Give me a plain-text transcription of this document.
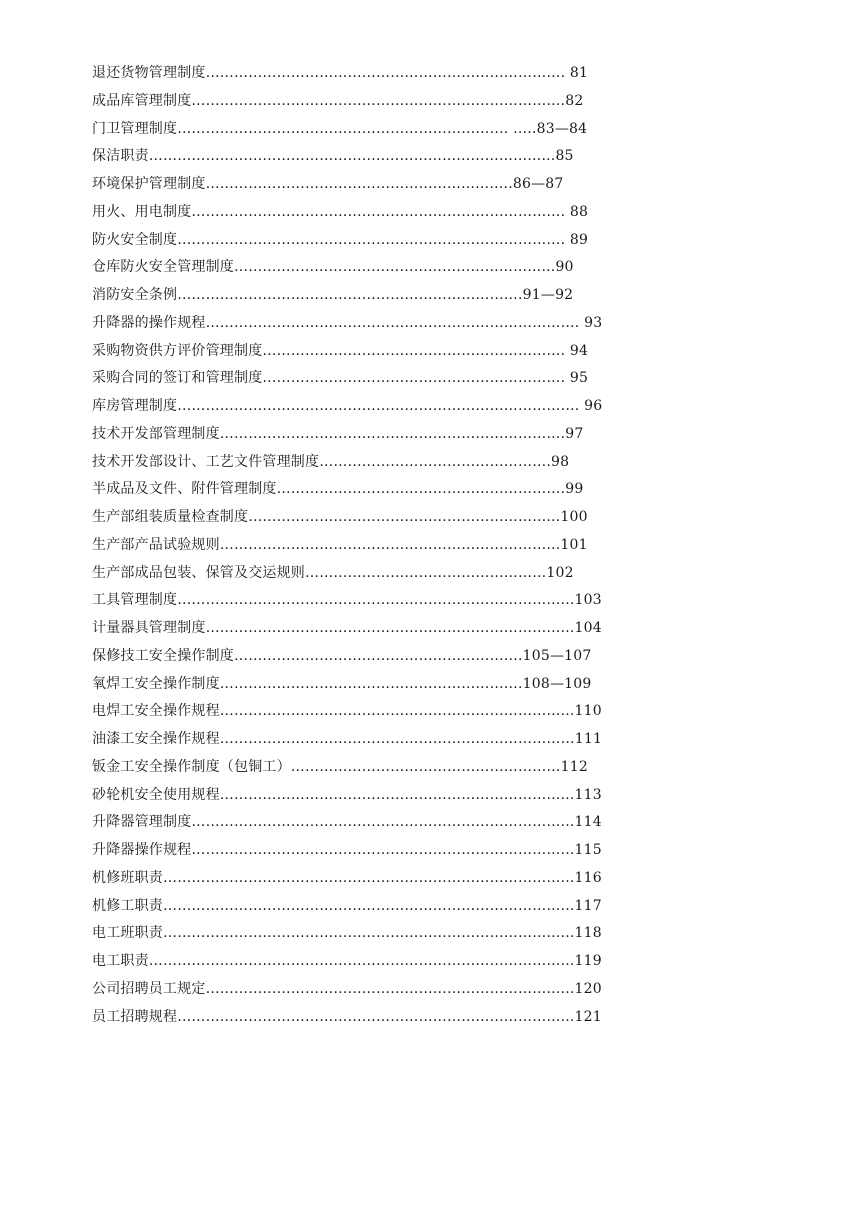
退还货物管理制度…………………………………………………………………. 81
成品库管理制度…………………………………………………………………….82
门卫管理制度……………………………………………………………. …..83—84
保洁职责…………………………………………..……………………………...85
环境保护管理制度……………………………………………...………..86—87
用火、用电制度……………………………………………………………………. 88
防火安全制度………………………………………………………………………. 89
仓库防火安全管理制度………..………………………………………………...90
消防安全条例……………………………………………………………….91—92
升降器的操作规程……………………………………………………………………. 93
采购物资供方评价管理制度………………………………………………………. 94
采购合同的签订和管理制度………………………………………………………. 95
库房管理制度…………………………………………………………………………. 96
技术开发部管理制度……………………………………………………………….97
技术开发部设计、工艺文件管理制度………………………………………….98
半成品及文件、附件管理制度…………………………………………………….99
生产部组装质量检查制度………………………………………………………...100
生产部产品试验规则……………………………………………………………...101
生产部成品包装、保管及交运规则……………………………………………102
工具管理制度………………………………………………………………………...103
计量器具管理制度…………………………………………………………………...104
保修技工安全操作制度…………………………………………………….105—107
氧焊工安全操作制度……………………………………………………….108—109
电焊工安全操作规程………………………………………………………………...110
油漆工安全操作规程…………………………………………………………………111
钣金工安全操作制度（包铜工）…………………………………………………112
砂轮机安全使用规程………………………………………………………………...113
升降器管理制度……………………………………………………………………...114
升降器操作规程……………………………………………………………………...115
机修班职责…………………………………………………………………………...116
机修工职责…………………………………………………………………………...117
电工班职责…………………………………………………………………………...118
电工职责……………………………………………………………………………...119
公司招聘员工规定…………………………………………………………………...120
员工招聘规程………………………………………………………………………...121
